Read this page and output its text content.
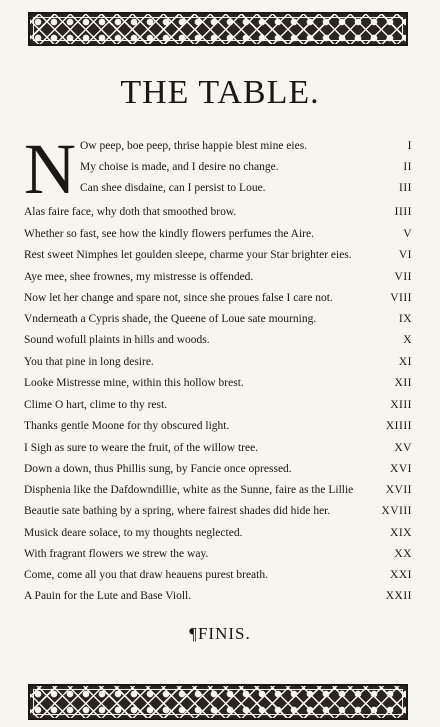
THE TABLE.
N Ow peep, boe peep, thrise happie blest mine eies.	I
My choise is made, and I desire no change.	II
Can shee disdaine, can I persist to Loue.	III
Alas faire face, why doth that smoothed brow.	IIII
Whether so fast, see how the kindly flowers perfumes the Aire.	V
Rest sweet Nimphes let goulden sleepe, charme your Star brighter eies.	VI
Aye mee, shee frownes, my mistresse is offended.	VII
Now let her change and spare not, since she proues false I care not.	VIII
Vnderneath a Cypris shade, the Queene of Loue sate mourning.	IX
Sound wofull plaints in hills and woods.	X
You that pine in long desire.	XI
Looke Mistresse mine, within this hollow brest.	XII
Clime O hart, clime to thy rest.	XIII
Thanks gentle Moone for thy obscured light.	XIIII
I Sigh as sure to weare the fruit, of the willow tree.	XV
Down a down, thus Phillis sung, by Fancie once opressed.	XVI
Disphenia like the Dafdowndillie, white as the Sunne, faire as the Lillie	XVII
Beautie sate bathing by a spring, where fairest shades did hide her.	XVIII
Musick deare solace, to my thoughts neglected.	XIX
With fragrant flowers we strew the way.	XX
Come, come all you that draw heauens purest breath.	XXI
A Pauin for the Lute and Base Violl.	XXII
¶FINIS.
